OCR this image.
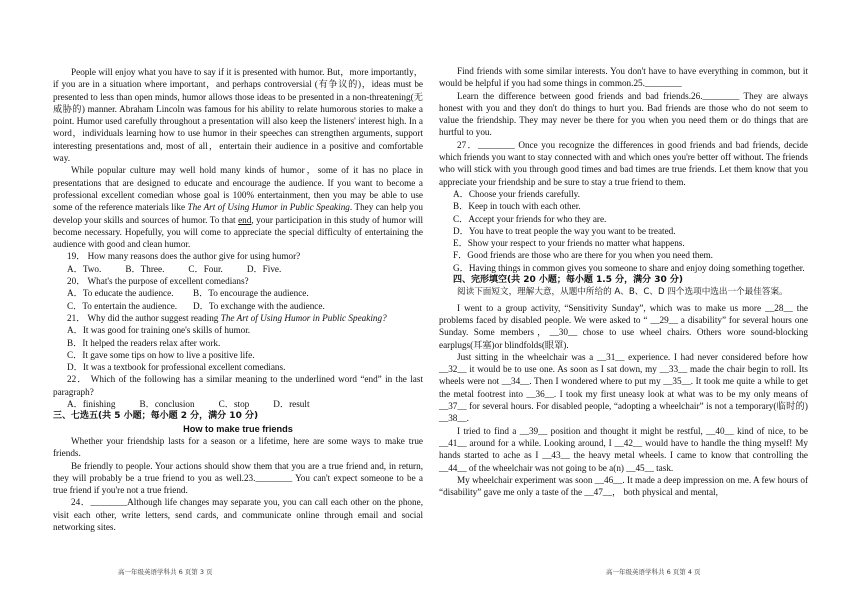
People will enjoy what you have to say if it is presented with humor. But，more importantly，if you are in a situation where important，and perhaps controversial (有争议的)，ideas must be presented to less than open minds, humor allows those ideas to be presented in a non-threatening(无威胁的) manner. Abraham Lincoln was famous for his ability to relate humorous stories to make a point. Humor used carefully throughout a presentation will also keep the listeners' interest high. In a word，individuals learning how to use humor in their speeches can strengthen arguments, support interesting presentations and, most of all，entertain their audience in a positive and comfortable way.

While popular culture may well hold many kinds of humor，some of it has no place in presentations that are designed to educate and encourage the audience. If you want to become a professional excellent comedian whose goal is 100% entertainment, then you may be able to use some of the reference materials like The Art of Using Humor in Public Speaking. They can help you develop your skills and sources of humor. To that end, your participation in this study of humor will become necessary. Hopefully, you will come to appreciate the special difficulty of entertaining the audience with good and clean humor.

19． How many reasons does the author give for using humor?

A．Two.	B．Three.	C．Four.	D．Five.

20． What's the purpose of excellent comedians?

A．To educate the audience. B．To encourage the audience.
C．To entertain the audience. D．To exchange with the audience.

21． Why did the author suggest reading The Art of Using Humor in Public Speaking?

A．It was good for training one's skills of humor.
B．It helped the readers relax after work.
C．It gave some tips on how to live a positive life.
D．It was a textbook for professional excellent comedians.

22． Which of the following has a similar meaning to the underlined word “end” in the last paragraph?

A．finishing	B．conclusion	C．stop	D．result

三、七选五(共 5 小题；每小题 2 分，满分 10 分)

How to make true friends

Whether your friendship lasts for a season or a lifetime, here are some ways to make true friends.

Be friendly to people. Your actions should show them that you are a true friend and, in return, they will probably be a true friend to you as well.23.________ You can't expect someone to be a true friend if you're not a true friend.

24．________Although life changes may separate you, you can call each other on the phone, visit each other, write letters, send cards, and communicate online through email and social networking sites.

Find friends with some similar interests. You don't have to have everything in common, but it would be helpful if you had some things in common.25.________

Learn the difference between good friends and bad friends.26.________ They are always honest with you and they don't do things to hurt you. Bad friends are those who do not seem to value the friendship. They may never be there for you when you need them or do things that are hurtful to you.

27．________ Once you recognize the differences in good friends and bad friends, decide which friends you want to stay connected with and which ones you're better off without. The friends who will stick with you through good times and bad times are true friends. Let them know that you appreciate your friendship and be sure to stay a true friend to them.

A．Choose your friends carefully.
B．Keep in touch with each other.
C．Accept your friends for who they are.
D．You have to treat people the way you want to be treated.
E．Show your respect to your friends no matter what happens.
F．Good friends are those who are there for you when you need them.

G．Having things in common gives you someone to share and enjoy doing something together.

四、完形填空(共 20 小题；每小题 1.5 分，满分 30 分)

阅读下面短文，理解大意，从题中所给的 A、B、C、D 四个选项中选出一个最佳答案。

I went to a group activity, “Sensitivity Sunday”, which was to make us more __28__ the problems faced by disabled people. We were asked to “ __29__ a disability” for several hours one Sunday. Some members，__30__ chose to use wheel chairs. Others wore sound-blocking earplugs(耳塞)or blindfolds(眼罩).

Just sitting in the wheelchair was a __31__ experience. I had never considered before how __32__ it would be to use one. As soon as I sat down, my __33__ made the chair begin to roll. Its wheels were not __34__. Then I wondered where to put my __35__. It took me quite a while to get the metal footrest into __36__. I took my first uneasy look at what was to be my only means of __37__ for several hours. For disabled people, “adopting a wheelchair” is not a temporary(临时的) __38__.

I tried to find a __39__ position and thought it might be restful, __40__ kind of nice, to be __41__ around for a while. Looking around, I __42__ would have to handle the thing myself! My hands started to ache as I __43__ the heavy metal wheels. I came to know that controlling the __44__ of the wheelchair was not going to be a(n) __45__ task.

My wheelchair experiment was soon __46__. It made a deep impression on me. A few hours of “disability” gave me only a taste of the __47__， both physical and mental,

高一年级英语学科共 6 页第 3 页	高一年级英语学科共 6 页第 4 页
